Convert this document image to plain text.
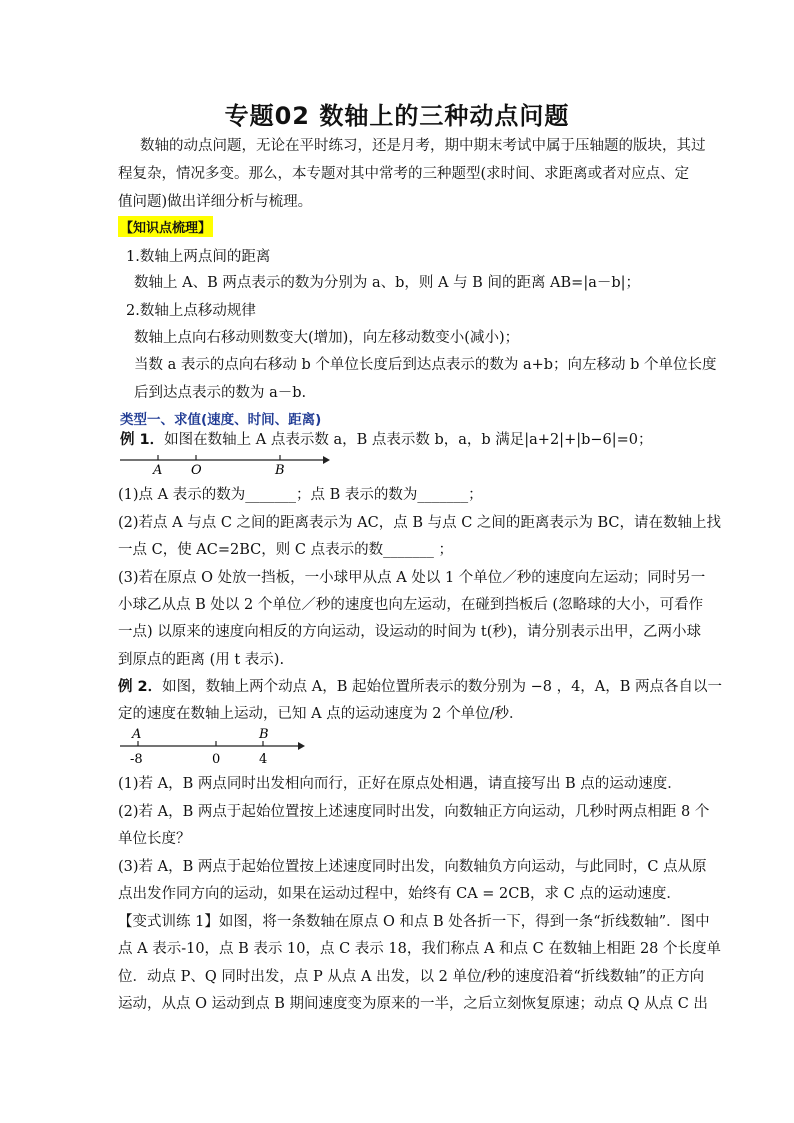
专题02 数轴上的三种动点问题
数轴的动点问题，无论在平时练习，还是月考，期中期末考试中属于压轴题的版块，其过
程复杂，情况多变。那么，本专题对其中常考的三种题型(求时间、求距离或者对应点、定
值问题)做出详细分析与梳理。
【知识点梳理】
1.数轴上两点间的距离
数轴上 A、B 两点表示的数为分别为 a、b，则 A 与 B 间的距离 AB=|a－b|；
2.数轴上点移动规律
数轴上点向右移动则数变大(增加)，向左移动数变小(减小)；
当数 a 表示的点向右移动 b 个单位长度后到达点表示的数为 a+b；向左移动 b 个单位长度
后到达点表示的数为 a－b.
类型一、求值(速度、时间、距离)
例 1．如图在数轴上 A 点表示数 a，B 点表示数 b，a，b 满足|a+2|+|b−6|=0；
A O	B
(1)点 A 表示的数为_______；点 B 表示的数为_______；
(2)若点 A 与点 C 之间的距离表示为 AC，点 B 与点 C 之间的距离表示为 BC，请在数轴上找
一点 C，使 AC=2BC，则 C 点表示的数_______ ；
(3)若在原点 O 处放一挡板，一小球甲从点 A 处以 1 个单位／秒的速度向左运动；同时另一
小球乙从点 B 处以 2 个单位／秒的速度也向左运动，在碰到挡板后 (忽略球的大小，可看作
一点) 以原来的速度向相反的方向运动，设运动的时间为 t(秒)，请分别表示出甲，乙两小球
到原点的距离 (用 t 表示).
例 2．如图，数轴上两个动点 A，B 起始位置所表示的数分别为 −8 ，4，A，B 两点各自以一
定的速度在数轴上运动，已知 A 点的运动速度为 2 个单位/秒．
A	B
-8	0	4
(1)若 A，B 两点同时出发相向而行，正好在原点处相遇，请直接写出 B 点的运动速度．
(2)若 A，B 两点于起始位置按上述速度同时出发，向数轴正方向运动，几秒时两点相距 8 个
单位长度？
(3)若 A，B 两点于起始位置按上述速度同时出发，向数轴负方向运动，与此同时，C 点从原
点出发作同方向的运动，如果在运动过程中，始终有 CA = 2CB，求 C 点的运动速度．
【变式训练 1】如图，将一条数轴在原点 O 和点 B 处各折一下，得到一条“折线数轴”．图中
点 A 表示-10，点 B 表示 10，点 C 表示 18，我们称点 A 和点 C 在数轴上相距 28 个长度单
位．动点 P、Q 同时出发，点 P 从点 A 出发，以 2 单位/秒的速度沿着“折线数轴”的正方向
运动，从点 O 运动到点 B 期间速度变为原来的一半，之后立刻恢复原速；动点 Q 从点 C 出
